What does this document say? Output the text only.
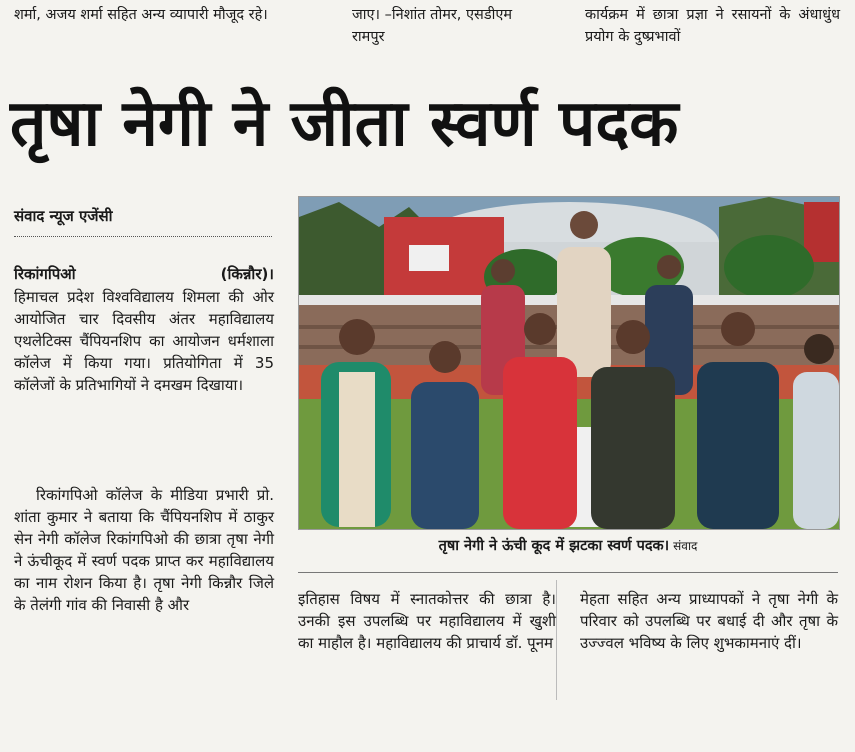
शर्मा, अजय शर्मा सहित अन्य व्यापारी मौजूद रहे।	जाए। –निशांत तोमर, एसडीएम रामपुर

कार्यक्रम में छात्रा प्रज्ञा ने रसायनों के अंधाधुंध प्रयोग के दुष्प्रभावों

तृषा नेगी ने जीता स्वर्ण पदक

संवाद न्यूज एजेंसी

रिकांगपिओ	(किन्नौर)।

हिमाचल प्रदेश विश्वविद्यालय शिमला की ओर आयोजित चार दिवसीय अंतर महाविद्यालय एथलेटिक्स चैंपियनशिप का आयोजन धर्मशाला कॉलेज में किया गया। प्रतियोगिता में 35 कॉलेजों के प्रतिभागियों ने दमखम दिखाया।

रिकांगपिओ कॉलेज के मीडिया प्रभारी प्रो. शांता कुमार ने बताया कि चैंपियनशिप में ठाकुर सेन नेगी कॉलेज रिकांगपिओ की छात्रा तृषा नेगी ने ऊंचीकूद में स्वर्ण पदक प्राप्त कर महाविद्यालय का नाम रोशन किया है। तृषा नेगी किन्नौर जिले के तेलंगी गांव की निवासी है और

तृषा नेगी ने ऊंची कूद में झटका स्वर्ण पदक। संवाद

इतिहास विषय में स्नातकोत्तर की छात्रा है। उनकी इस उपलब्धि पर महाविद्यालय में खुशी का माहौल है। महाविद्यालय की प्राचार्य डॉ. पूनम

मेहता सहित अन्य प्राध्यापकों ने तृषा नेगी के परिवार को उपलब्धि पर बधाई दी और तृषा के उज्ज्वल भविष्य के लिए शुभकामनाएं दीं।
